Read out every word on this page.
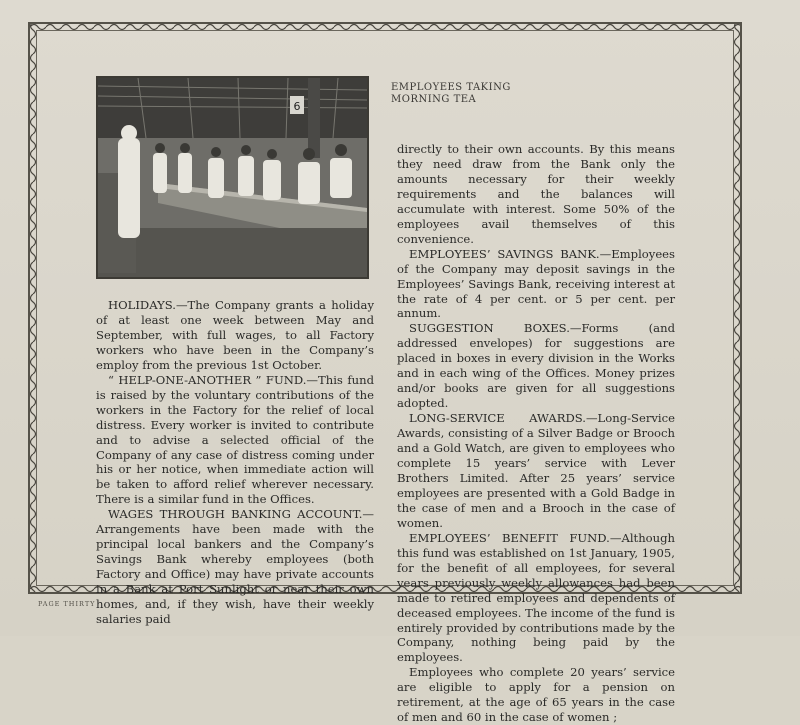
6
EMPLOYEES TAKING
MORNING TEA

HOLIDAYS.—The Company grants a holiday of at least one week between May and September, with full wages, to all Factory workers who have been in the Company’s employ from the previous 1st October.

“ HELP-ONE-ANOTHER ” FUND.—This fund is raised by the voluntary contributions of the workers in the Factory for the relief of local distress. Every worker is invited to contribute and to advise a selected official of the Company of any case of distress coming under his or her notice, when immediate action will be taken to afford relief wherever necessary. There is a similar fund in the Offices.

WAGES THROUGH BANKING ACCOUNT.— Arrangements have been made with the principal local bankers and the Company’s Savings Bank whereby employees (both Factory and Office) may have private accounts in a Bank at Port Sunlight or near their own homes, and, if they wish, have their weekly salaries paid

directly to their own accounts. By this means they need draw from the Bank only the amounts necessary for their weekly requirements and the balances will accumulate with interest. Some 50% of the employees avail themselves of this convenience.

EMPLOYEES’ SAVINGS BANK.—Employees of the Company may deposit savings in the Employees’ Savings Bank, receiving interest at the rate of 4 per cent. or 5 per cent. per annum.

SUGGESTION BOXES.—Forms (and addressed envelopes) for suggestions are placed in boxes in every division in the Works and in each wing of the Offices. Money prizes and/or books are given for all suggestions adopted.

LONG-SERVICE AWARDS.—Long-Service Awards, consisting of a Silver Badge or Brooch and a Gold Watch, are given to employees who complete 15 years’ service with Lever Brothers Limited. After 25 years’ service employees are presented with a Gold Badge in the case of men and a Brooch in the case of women.

EMPLOYEES’ BENEFIT FUND.—Although this fund was established on 1st January, 1905, for the benefit of all employees, for several years previously weekly allowances had been made to retired employees and dependents of deceased employees. The income of the fund is entirely provided by contributions made by the Company, nothing being paid by the employees.

Employees who complete 20 years’ service are eligible to apply for a pension on retirement, at the age of 65 years in the case of men and 60 in the case of women ;

PAGE THIRTY
